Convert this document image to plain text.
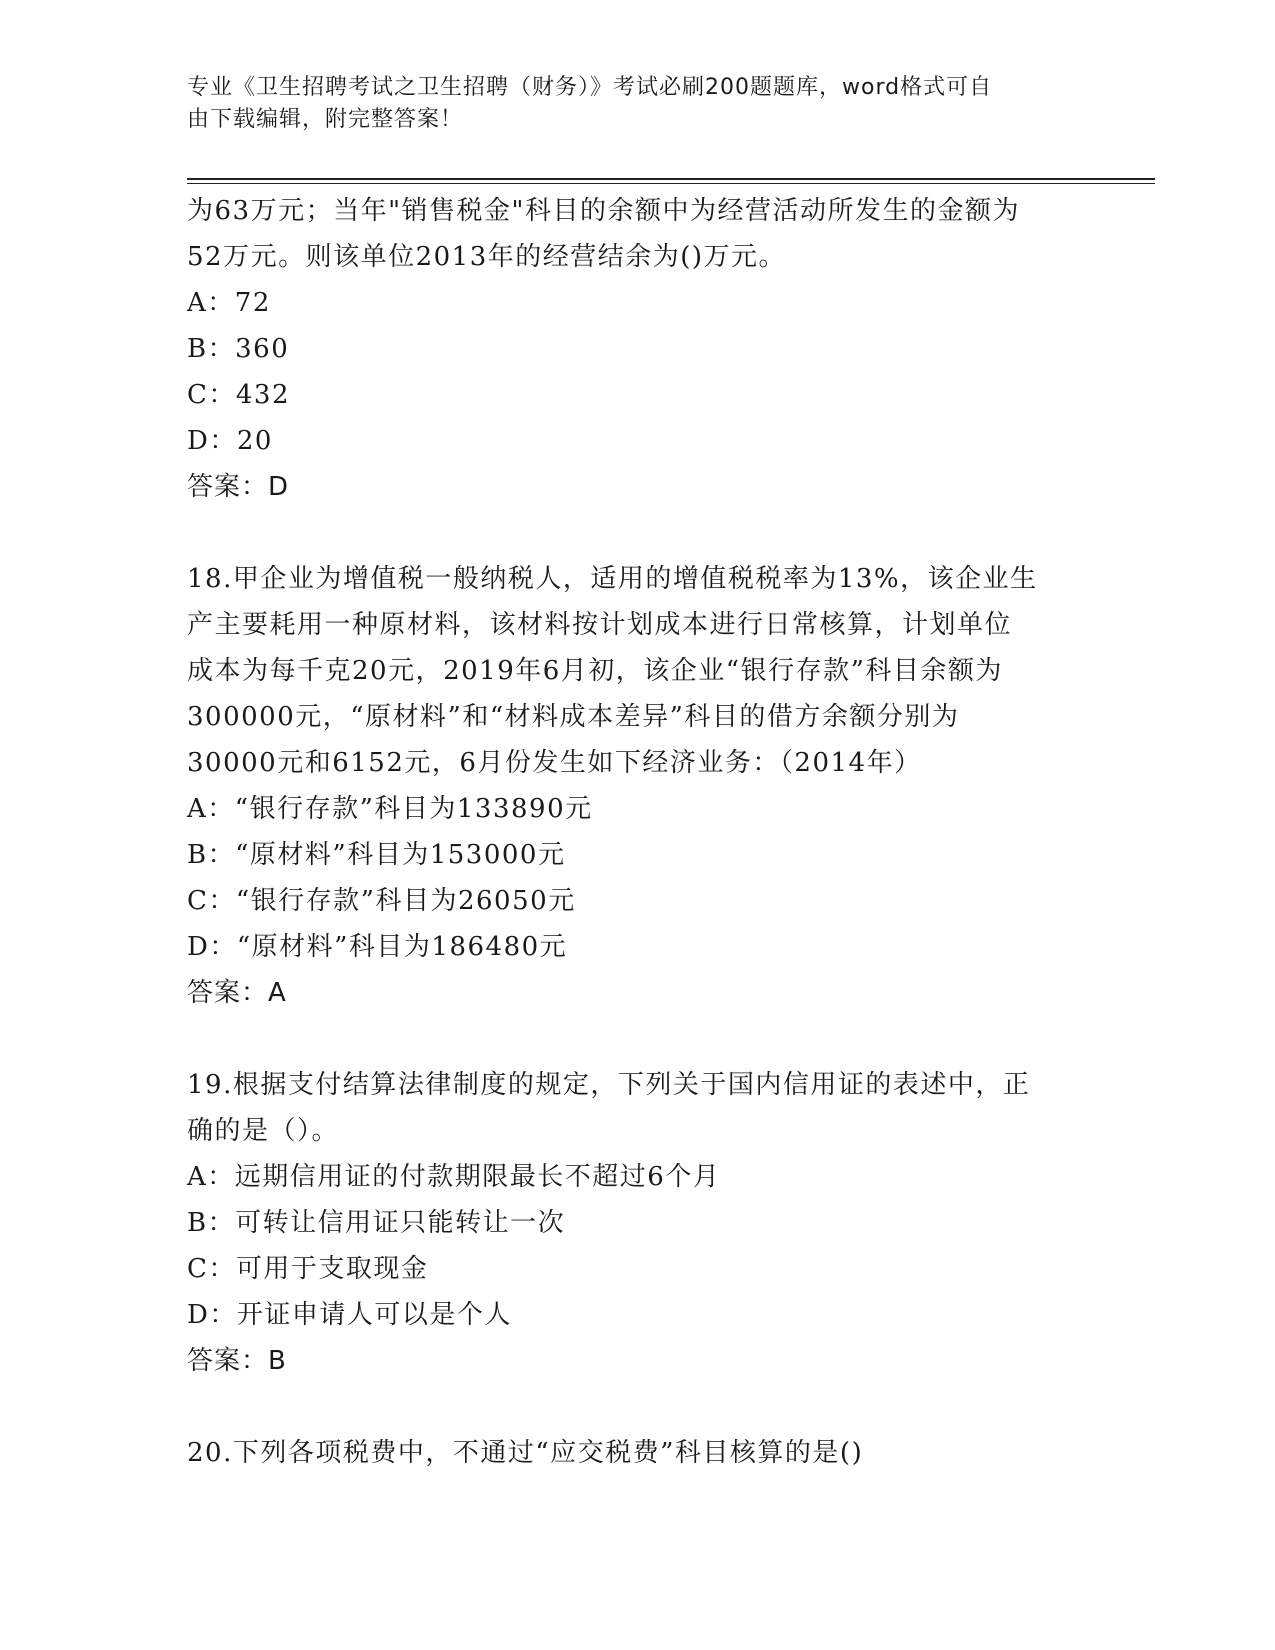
专业《卫生招聘考试之卫生招聘（财务）》考试必刷200题题库，word格式可自
由下载编辑，附完整答案！
为63万元；当年"销售税金"科目的余额中为经营活动所发生的金额为
52万元。则该单位2013年的经营结余为()万元。
A：72
B：360
C：432
D：20
答案：D
18.甲企业为增值税一般纳税人，适用的增值税税率为13%，该企业生
产主要耗用一种原材料，该材料按计划成本进行日常核算，计划单位
成本为每千克20元，2019年6月初，该企业“银行存款”科目余额为
300000元，“原材料”和“材料成本差异”科目的借方余额分别为
30000元和6152元，6月份发生如下经济业务：（2014年）
A：“银行存款”科目为133890元
B：“原材料”科目为153000元
C：“银行存款”科目为26050元
D：“原材料”科目为186480元
答案：A
19.根据支付结算法律制度的规定，下列关于国内信用证的表述中，正
确的是（）。
A：远期信用证的付款期限最长不超过6个月
B：可转让信用证只能转让一次
C：可用于支取现金
D：开证申请人可以是个人
答案：B
20.下列各项税费中，不通过“应交税费”科目核算的是()
